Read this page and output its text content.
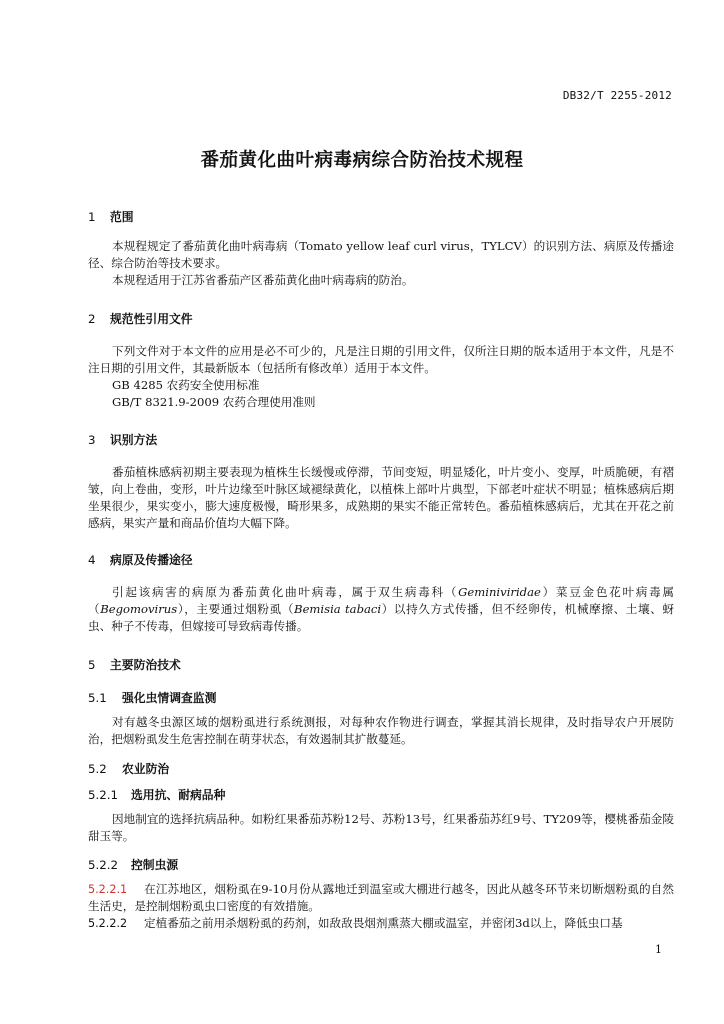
DB32/T 2255-2012
番茄黄化曲叶病毒病综合防治技术规程
1 范围
本规程规定了番茄黄化曲叶病毒病（Tomato yellow leaf curl virus，TYLCV）的识别方法、病原及传播途径、综合防治等技术要求。
本规程适用于江苏省番茄产区番茄黄化曲叶病毒病的防治。
2 规范性引用文件
下列文件对于本文件的应用是必不可少的，凡是注日期的引用文件，仅所注日期的版本适用于本文件，凡是不注日期的引用文件，其最新版本（包括所有修改单）适用于本文件。
GB 4285 农药安全使用标准
GB/T 8321.9-2009 农药合理使用准则
3 识别方法
番茄植株感病初期主要表现为植株生长缓慢或停滞，节间变短，明显矮化，叶片变小、变厚，叶质脆硬，有褶皱，向上卷曲，变形，叶片边缘至叶脉区域褪绿黄化，以植株上部叶片典型，下部老叶症状不明显；植株感病后期坐果很少，果实变小，膨大速度极慢，畸形果多，成熟期的果实不能正常转色。番茄植株感病后，尤其在开花之前感病，果实产量和商品价值均大幅下降。
4 病原及传播途径
引起该病害的病原为番茄黄化曲叶病毒，属于双生病毒科（Geminiviridae）菜豆金色花叶病毒属（Begomovirus），主要通过烟粉虱（Bemisia tabaci）以持久方式传播，但不经卵传，机械摩擦、土壤、蚜虫、种子不传毒，但嫁接可导致病毒传播。
5 主要防治技术
5.1 强化虫情调查监测
对有越冬虫源区域的烟粉虱进行系统测报，对每种农作物进行调查，掌握其消长规律，及时指导农户开展防治，把烟粉虱发生危害控制在萌芽状态，有效遏制其扩散蔓延。
5.2 农业防治
5.2.1 选用抗、耐病品种
因地制宜的选择抗病品种。如粉红果番茄苏粉12号、苏粉13号，红果番茄苏红9号、TY209等，樱桃番茄金陵甜玉等。
5.2.2 控制虫源
5.2.2.1 在江苏地区，烟粉虱在9-10月份从露地迁到温室或大棚进行越冬，因此从越冬环节来切断烟粉虱的自然生活史，是控制烟粉虱虫口密度的有效措施。
5.2.2.2 定植番茄之前用杀烟粉虱的药剂，如敌敌畏烟剂熏蒸大棚或温室，并密闭3d以上，降低虫口基
1
